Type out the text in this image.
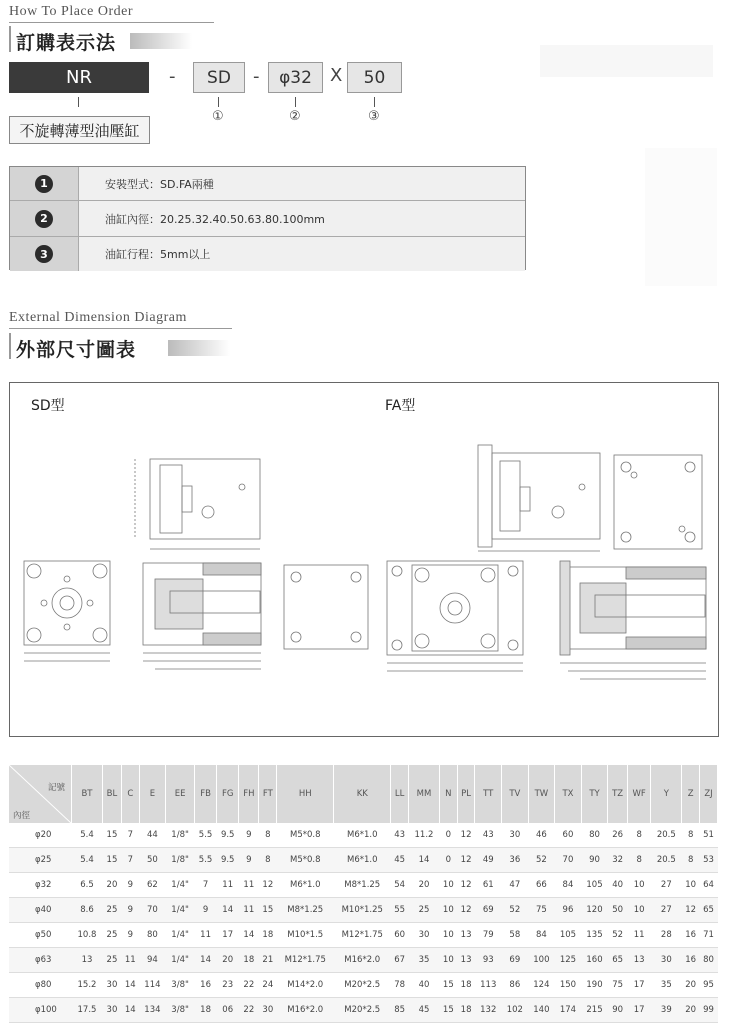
How To Place Order
訂購表示法
NR	-	SD	-	φ32	X	50
①	②	③
不旋轉薄型油壓缸
1	安裝型式：SD.FA兩種
2	油缸內徑：20.25.32.40.50.63.80.100mm
3	油缸行程：5mm以上
External Dimension Diagram
外部尺寸圖表
SD型	FA型
記號
內徑	BT	BL	C	E	EE	FB	FG	FH	FT	HH	KK	LL	MM	N	PL	TT	TV	TW	TX	TY	TZ	WF	Y	Z	ZJ
φ20	5.4	15	7	44	1/8"	5.5	9.5	9	8	M5*0.8	M6*1.0	43	11.2	0	12	43	30	46	60	80	26	8	20.5	8	51
φ25	5.4	15	7	50	1/8"	5.5	9.5	9	8	M5*0.8	M6*1.0	45	14	0	12	49	36	52	70	90	32	8	20.5	8	53
φ32	6.5	20	9	62	1/4"	7	11	11	12	M6*1.0	M8*1.25	54	20	10	12	61	47	66	84	105	40	10	27	10	64
φ40	8.6	25	9	70	1/4"	9	14	11	15	M8*1.25	M10*1.25	55	25	10	12	69	52	75	96	120	50	10	27	12	65
φ50	10.8	25	9	80	1/4"	11	17	14	18	M10*1.5	M12*1.75	60	30	10	13	79	58	84	105	135	52	11	28	16	71
φ63	13	25	11	94	1/4"	14	20	18	21	M12*1.75	M16*2.0	67	35	10	13	93	69	100	125	160	65	13	30	16	80
φ80	15.2	30	14	114	3/8"	16	23	22	24	M14*2.0	M20*2.5	78	40	15	18	113	86	124	150	190	75	17	35	20	95
φ100	17.5	30	14	134	3/8"	18	06	22	30	M16*2.0	M20*2.5	85	45	15	18	132	102	140	174	215	90	17	39	20	99
